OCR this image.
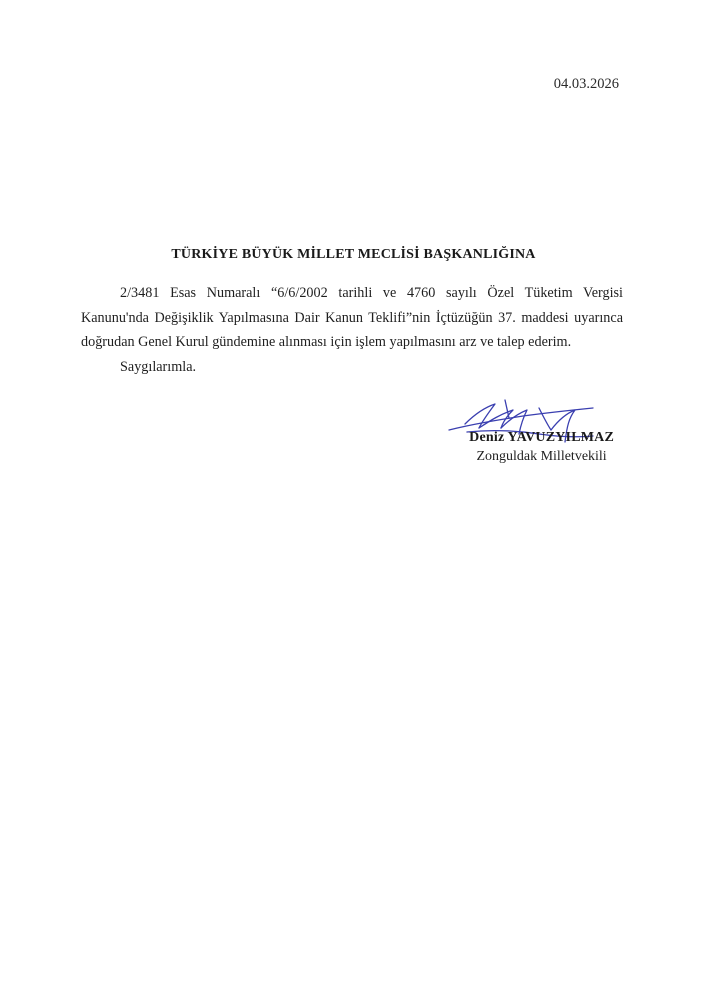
04.03.2026
TÜRKİYE BÜYÜK MİLLET MECLİSİ BAŞKANLIĞINA

2/3481 Esas Numaralı “6/6/2002 tarihli ve 4760 sayılı Özel Tüketim Vergisi Kanunu'nda Değişiklik Yapılmasına Dair Kanun Teklifi”nin İçtüzüğün 37. maddesi uyarınca doğrudan Genel Kurul gündemine alınması için işlem yapılmasını arz ve talep ederim.

Saygılarımla.

Deniz YAVUZYILMAZ
Zonguldak Milletvekili
